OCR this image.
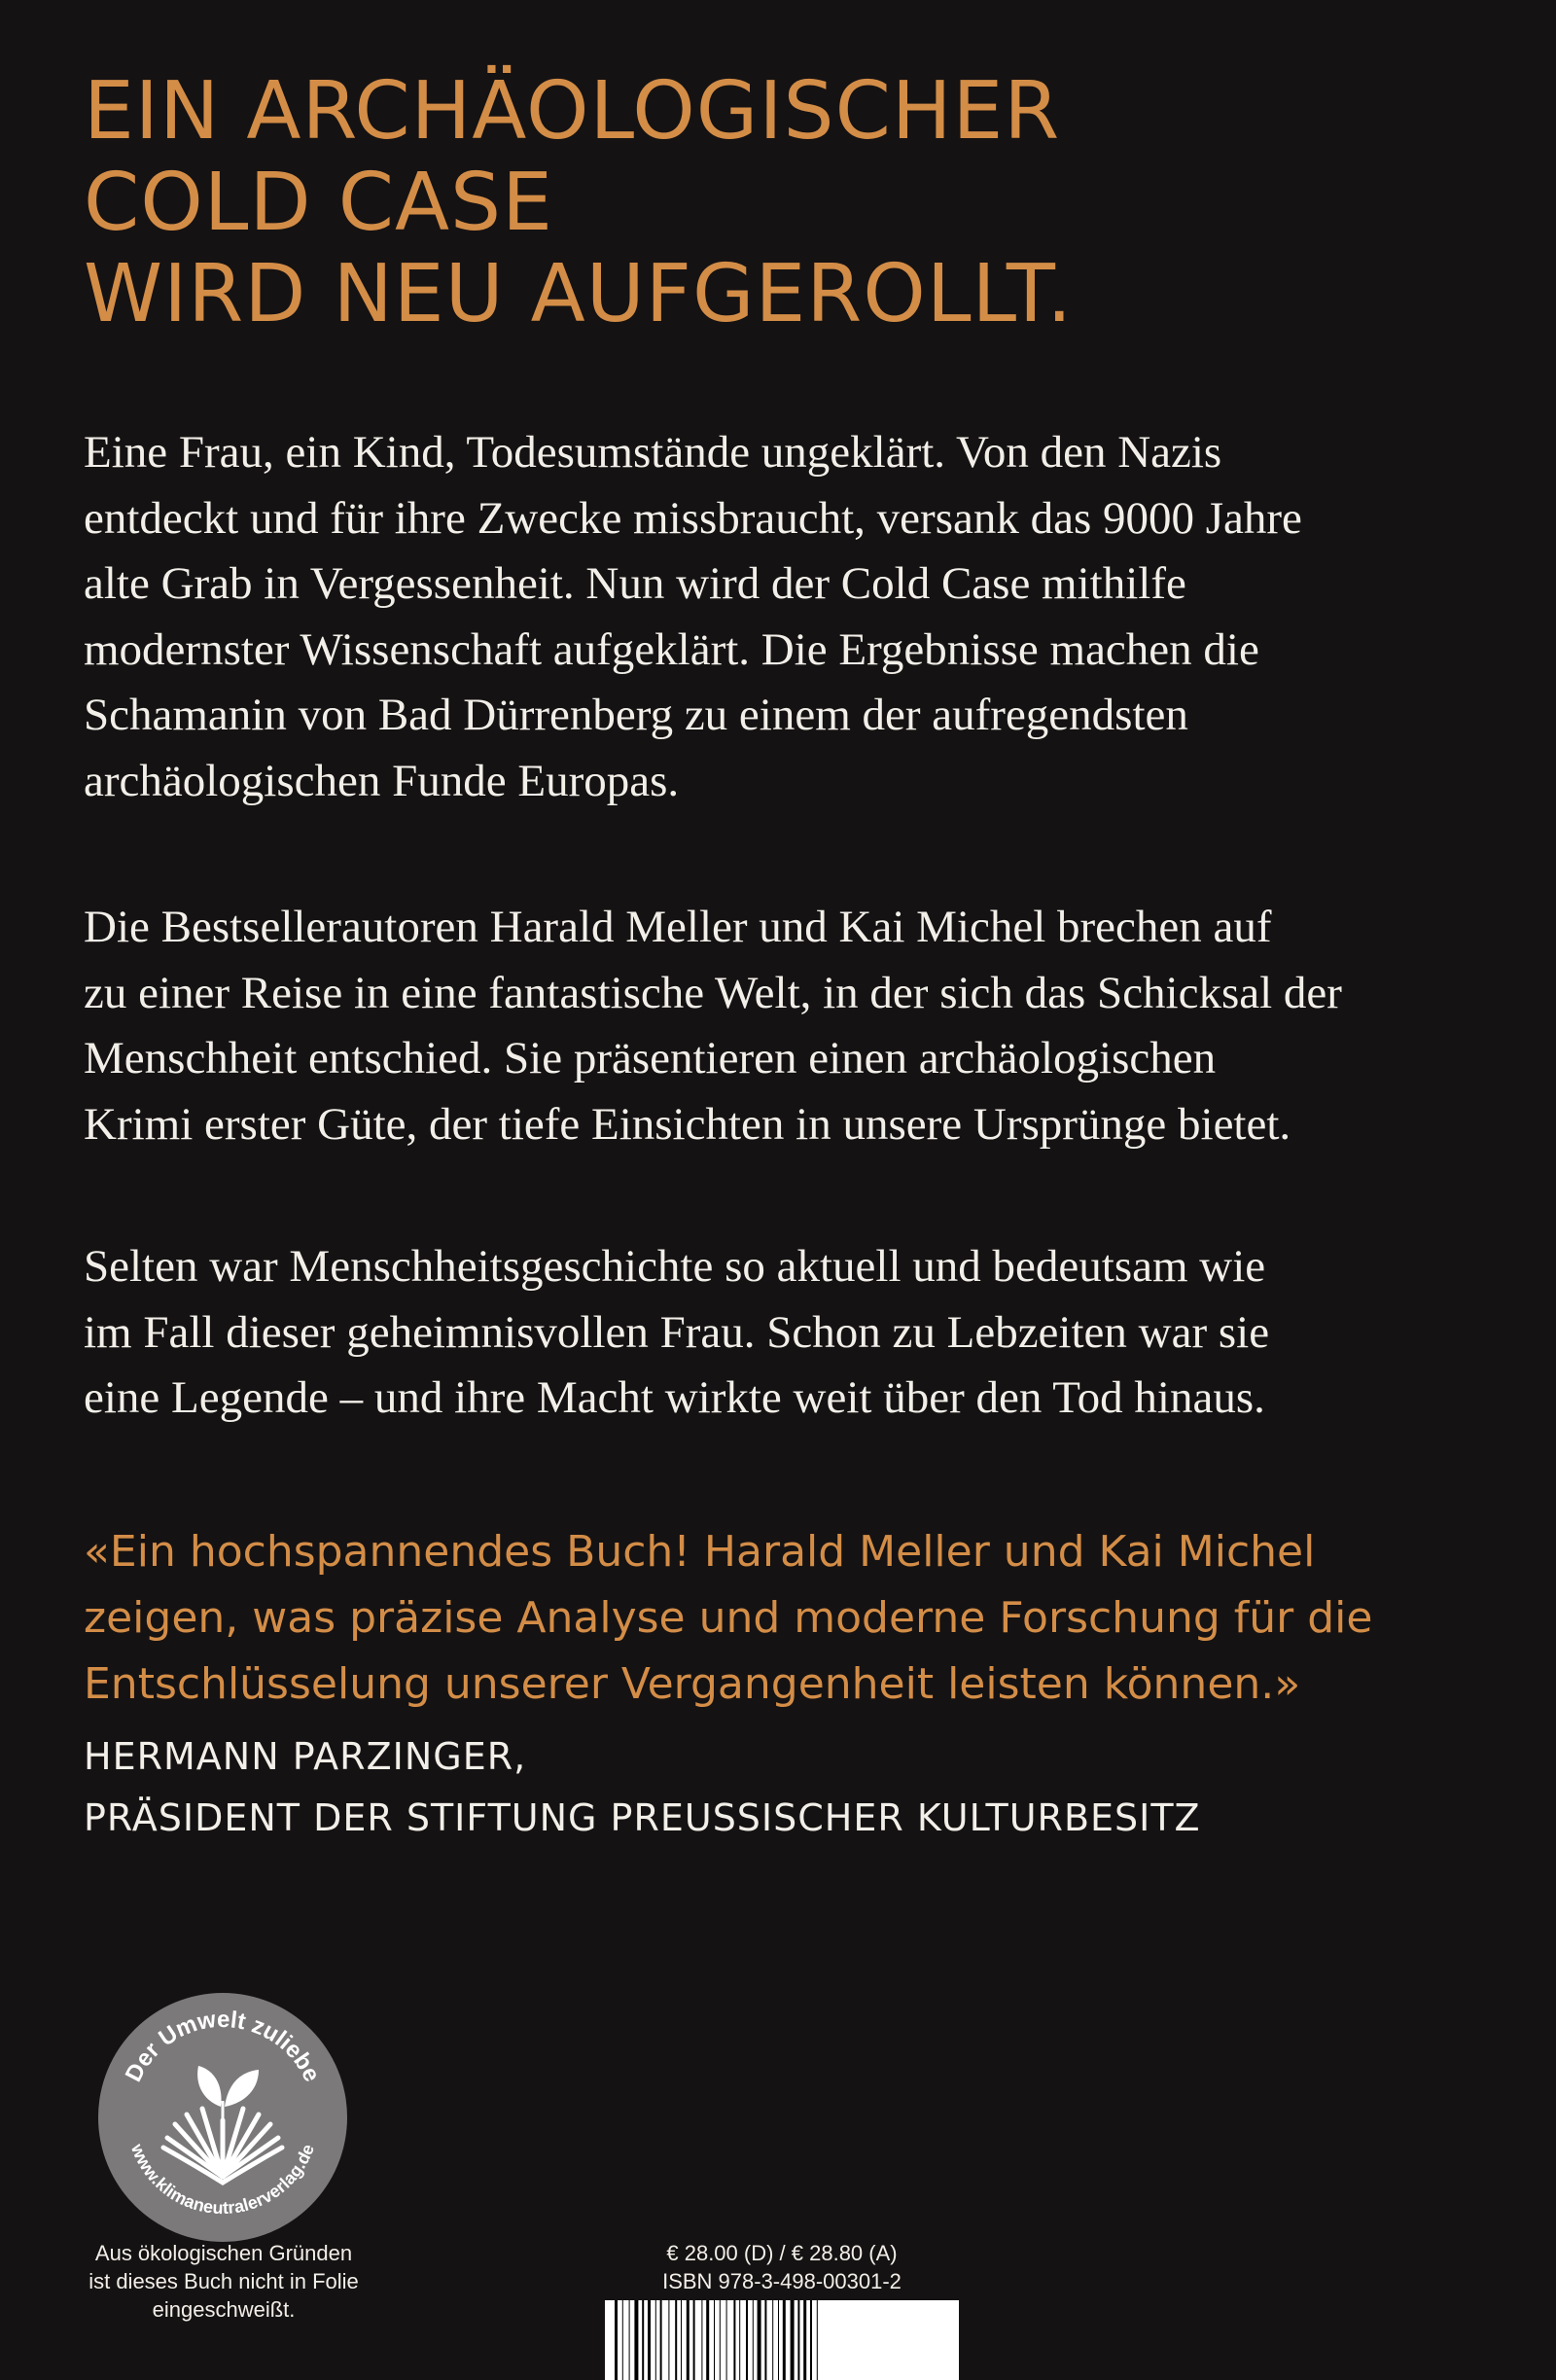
EIN ARCHÄOLOGISCHER
COLD CASE
WIRD NEU AUFGEROLLT.

Eine Frau, ein Kind, Todesumstände ungeklärt. Von den Nazis
entdeckt und für ihre Zwecke missbraucht, versank das 9000 Jahre
alte Grab in Vergessenheit. Nun wird der Cold Case mithilfe
modernster Wissenschaft aufgeklärt. Die Ergebnisse machen die
Schamanin von Bad Dürrenberg zu einem der aufregendsten
archäologischen Funde Europas.

Die Bestsellerautoren Harald Meller und Kai Michel brechen auf
zu einer Reise in eine fantastische Welt, in der sich das Schicksal der
Menschheit entschied. Sie präsentieren einen archäologischen
Krimi erster Güte, der tiefe Einsichten in unsere Ursprünge bietet.

Selten war Menschheitsgeschichte so aktuell und bedeutsam wie
im Fall dieser geheimnisvollen Frau. Schon zu Lebzeiten war sie
eine Legende – und ihre Macht wirkte weit über den Tod hinaus.

«Ein hochspannendes Buch! Harald Meller und Kai Michel
zeigen, was präzise Analyse und moderne Forschung für die
Entschlüsselung unserer Vergangenheit leisten können.»

HERMANN PARZINGER,
PRÄSIDENT DER STIFTUNG PREUSSISCHER KULTURBESITZ

Der Umwelt zuliebe
www.klimaneutralerverlag.de

Aus ökologischen Gründen
ist dieses Buch nicht in Folie
eingeschweißt.

€ 28.00 (D) / € 28.80 (A)
ISBN 978-3-498-00301-2
